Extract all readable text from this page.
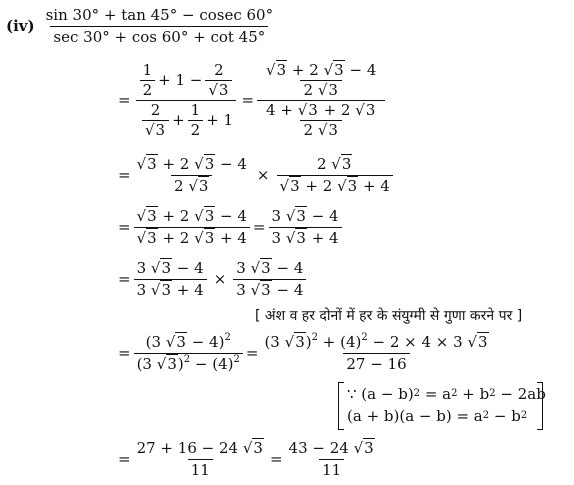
$(iv) \frac{\sin 30^\circ + \tan 45^\circ - cosec 60^\circ}{\sec 30^\circ + \cos 60^\circ + \cot 45^\circ}$
= $\frac{\frac{1}{2} + 1 - \frac{2}{√3}}{\frac{2}{√3} + \frac{1}{2} + 1} = \frac{\frac{√3 + 2 √3 - 4}{2 √3}}{\frac{4 + √3 + 2 √3}{2 √3}}$
= $\frac{√3 + 2 √3 - 4}{2 √3} \times \frac{2 √3}{√3 + 2 √3 + 4}$
= $\frac{√3 + 2 √3 - 4}{√3 + 2 √3 + 4} = \frac{3 √3 - 4}{3 √3 + 4}$
= $\frac{3 √3 - 4}{3 √3 + 4} \times \frac{3 √3 - 4}{3 √3 - 4}$
[ अंश व हर दोनों में हर के संयुग्मी से गुणा करने पर ]
= $\frac{(3 √3 - 4)^2}{(3 √3)^2 - (4)^2} = \frac{(3 √3)^2 + (4)^2 - 2 \times 4 \times 3 √3}{27 - 16}$
∵ (a − b) 2
= a 2
+ b 2
− 2ab
(a + b)(a − b) = a 2
− b 2
= $\frac{27 + 16 - 24 √3}{11} = \frac{43 - 24 √3}{11}$
